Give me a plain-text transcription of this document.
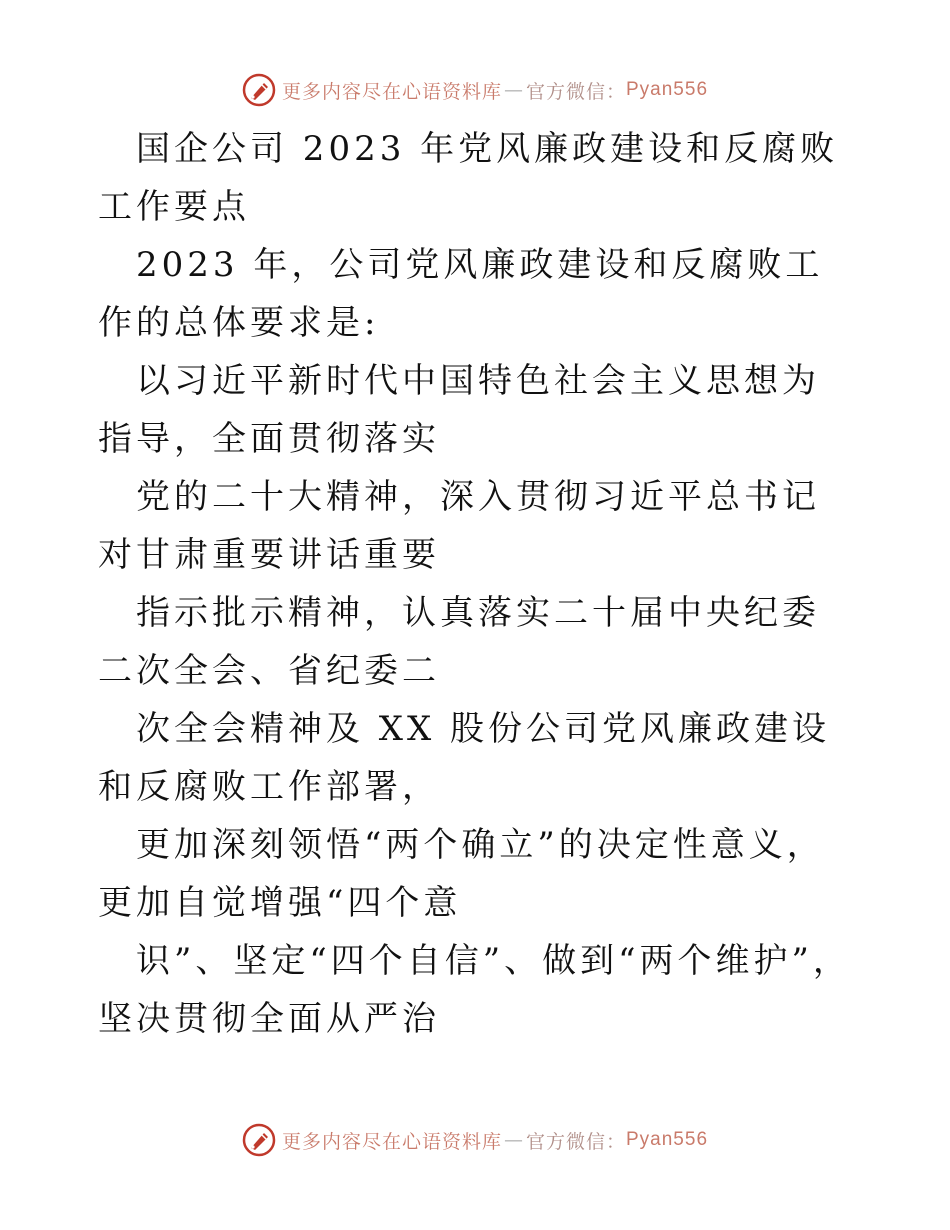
更多内容尽在心语资料库 — 官方微信： Pyan556

国企公司 2023 年党风廉政建设和反腐败工作要点

2023 年，公司党风廉政建设和反腐败工作的总体要求是:

以习近平新时代中国特色社会主义思想为指导，全面贯彻落实

党的二十大精神，深入贯彻习近平总书记对甘肃重要讲话重要

指示批示精神，认真落实二十届中央纪委二次全会、省纪委二

次全会精神及 XX 股份公司党风廉政建设和反腐败工作部署，

更加深刻领悟“两个确立”的决定性意义，更加自觉增强“四个意

识”、坚定“四个自信”、做到“两个维护”，坚决贯彻全面从严治

更多内容尽在心语资料库 — 官方微信： Pyan556
